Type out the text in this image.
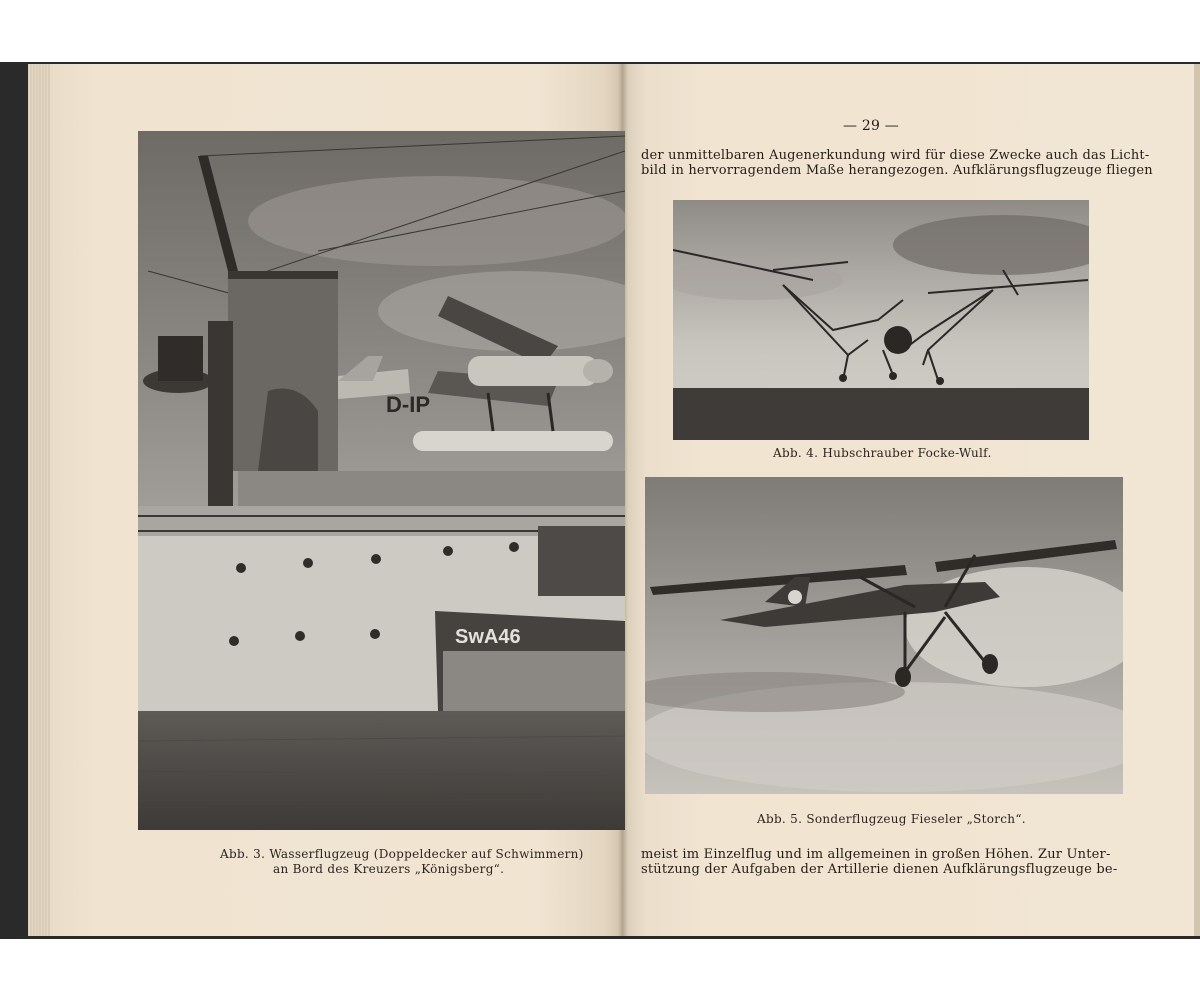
D-IP
SwA46
Abb. 3. Wasserflugzeug (Doppeldecker auf Schwimmern)
an Bord des Kreuzers „Königsberg“.
— 29 —
der unmittelbaren Augenerkundung wird für diese Zwecke auch das Licht-
bild in hervorragendem Maße herangezogen. Aufklärungsflugzeuge fliegen
Abb. 4. Hubschrauber Focke-Wulf.
Abb. 5. Sonderflugzeug Fieseler „Storch“.
meist im Einzelflug und im allgemeinen in großen Höhen. Zur Unter-
stützung der Aufgaben der Artillerie dienen Aufklärungsflugzeuge be-
